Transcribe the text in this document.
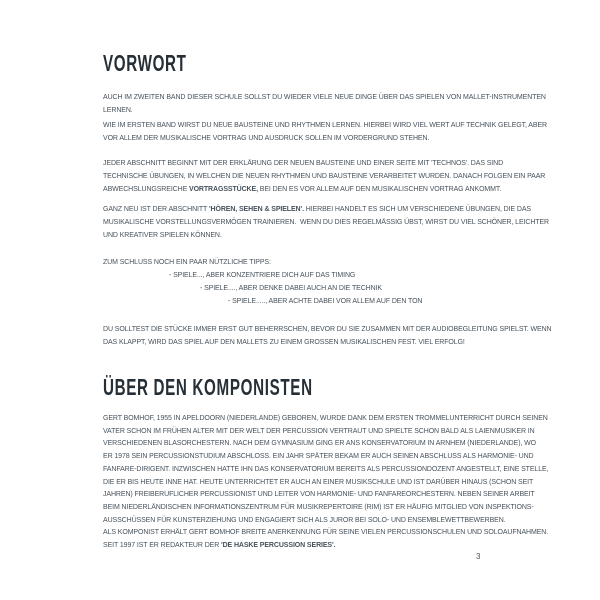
VORWORT
AUCH IM ZWEITEN BAND DIESER SCHULE SOLLST DU WIEDER VIELE NEUE DINGE ÜBER DAS SPIELEN VON MALLET-INSTRUMENTEN
LERNEN.
WIE IM ERSTEN BAND WIRST DU NEUE BAUSTEINE UND RHYTHMEN LERNEN. HIERBEI WIRD VIEL WERT AUF TECHNIK GELEGT, ABER
VOR ALLEM DER MUSIKALISCHE VORTRAG UND AUSDRUCK SOLLEN IM VORDERGRUND STEHEN.
JEDER ABSCHNITT BEGINNT MIT DER ERKLÄRUNG DER NEUEN BAUSTEINE UND EINER SEITE MIT 'TECHNOS'. DAS SIND
TECHNISCHE ÜBUNGEN, IN WELCHEN DIE NEUEN RHYTHMEN UND BAUSTEINE VERARBEITET WURDEN. DANACH FOLGEN EIN PAAR
ABWECHSLUNGSREICHE VORTRAGSSTÜCKE, BEI DEN ES VOR ALLEM AUF DEN MUSIKALISCHEN VORTRAG ANKOMMT.
GANZ NEU IST DER ABSCHNITT 'HÖREN, SEHEN & SPIELEN'. HIERBEI HANDELT ES SICH UM VERSCHIEDENE ÜBUNGEN, DIE DAS
MUSIKALISCHE VORSTELLUNGSVERMÖGEN TRAINIEREN.  WENN DU DIES REGELMÄSSIG ÜBST, WIRST DU VIEL SCHÖNER, LEICHTER
UND KREATIVER SPIELEN KÖNNEN.
ZUM SCHLUSS NOCH EIN PAAR NÜTZLICHE TIPPS:
- SPIELE..., ABER KONZENTRIERE DICH AUF DAS TIMING
- SPIELE...., ABER DENKE DABEI AUCH AN DIE TECHNIK
- SPIELE....., ABER ACHTE DABEI VOR ALLEM AUF DEN TON
DU SOLLTEST DIE STÜCKE IMMER ERST GUT BEHERRSCHEN, BEVOR DU SIE ZUSAMMEN MIT DER AUDIOBEGLEITUNG SPIELST. WENN
DAS KLAPPT, WIRD DAS SPIEL AUF DEN MALLETS ZU EINEM GROSSEN MUSIKALISCHEN FEST. VIEL ERFOLG!
ÜBER DEN KOMPONISTEN
GERT BOMHOF, 1955 IN APELDOORN (NIEDERLANDE) GEBOREN, WURDE DANK DEM ERSTEN TROMMELUNTERRICHT DURCH SEINEN
VATER SCHON IM FRÜHEN ALTER MIT DER WELT DER PERCUSSION VERTRAUT UND SPIELTE SCHON BALD ALS LAIENMUSIKER IN
VERSCHIEDENEN BLASORCHESTERN. NACH DEM GYMNASIUM GING ER ANS KONSERVATORIUM IN ARNHEM (NIEDERLANDE), WO
ER 1978 SEIN PERCUSSIONSTUDIUM ABSCHLOSS. EIN JAHR SPÄTER BEKAM ER AUCH SEINEN ABSCHLUSS ALS HARMONIE- UND
FANFARE-DIRIGENT. INZWISCHEN HATTE IHN DAS KONSERVATORIUM BEREITS ALS PERCUSSIONDOZENT ANGESTELLT, EINE STELLE,
DIE ER BIS HEUTE INNE HAT. HEUTE UNTERRICHTET ER AUCH AN EINER MUSIKSCHULE UND IST DARÜBER HINAUS (SCHON SEIT
JAHREN) FREIBERUFLICHER PERCUSSIONIST UND LEITER VON HARMONIE- UND FANFAREORCHESTERN. NEBEN SEINER ARBEIT
BEIM NIEDERLÄNDISCHEN INFORMATIONSZENTRUM FÜR MUSIKREPERTOIRE (RIM) IST ER HÄUFIG MITGLIED VON INSPEKTIONS-
AUSSCHÜSSEN FÜR KUNSTERZIEHUNG UND ENGAGIERT SICH ALS JUROR BEI SOLO- UND ENSEMBLEWETTBEWERBEN.
ALS KOMPONIST ERHÄLT GERT BOMHOF BREITE ANERKENNUNG FÜR SEINE VIELEN PERCUSSIONSCHULEN UND SOLOAUFNAHMEN.
SEIT 1997 IST ER REDAKTEUR DER 'DE HASKE PERCUSSION SERIES'.
3
